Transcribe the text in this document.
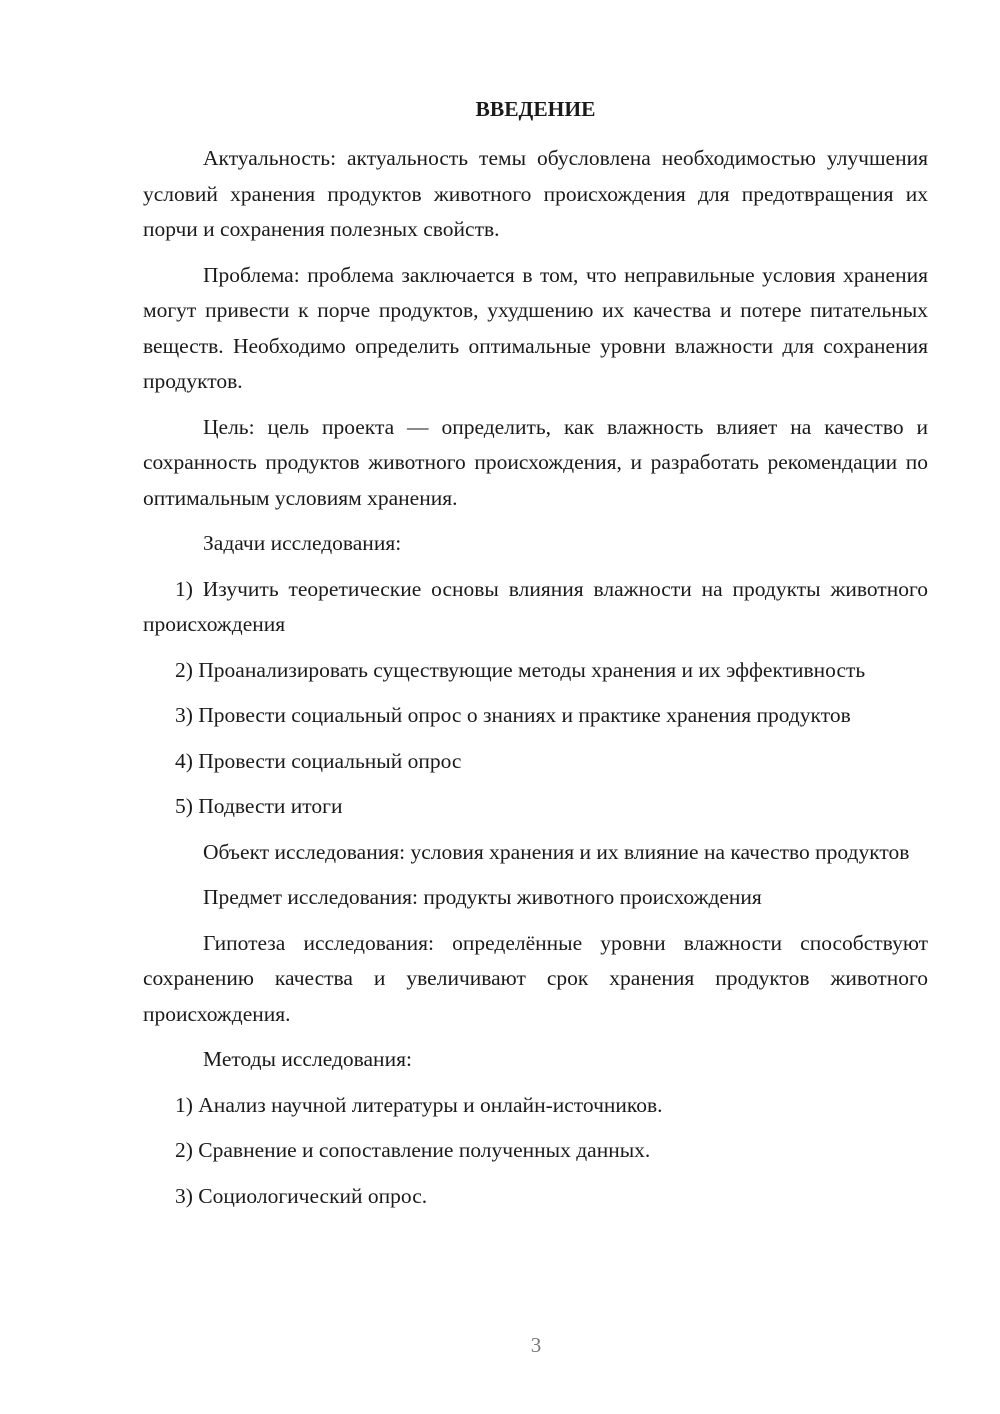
ВВЕДЕНИЕ
Актуальность: актуальность темы обусловлена необходимостью улучшения условий хранения продуктов животного происхождения для предотвращения их порчи и сохранения полезных свойств.
Проблема: проблема заключается в том, что неправильные условия хранения могут привести к порче продуктов, ухудшению их качества и потере питательных веществ. Необходимо определить оптимальные уровни влажности для сохранения продуктов.
Цель: цель проекта — определить, как влажность влияет на качество и сохранность продуктов животного происхождения, и разработать рекомендации по оптимальным условиям хранения.
Задачи исследования:
1) Изучить теоретические основы влияния влажности на продукты животного происхождения
2) Проанализировать существующие методы хранения и их эффективность
3) Провести социальный опрос о знаниях и практике хранения продуктов
4) Провести социальный опрос
5) Подвести итоги
Объект исследования: условия хранения и их влияние на качество продуктов
Предмет исследования: продукты животного происхождения
Гипотеза исследования: определённые уровни влажности способствуют сохранению качества и увеличивают срок хранения продуктов животного происхождения.
Методы исследования:
1) Анализ научной литературы и онлайн-источников.
2) Сравнение и сопоставление полученных данных.
3) Социологический опрос.
3
